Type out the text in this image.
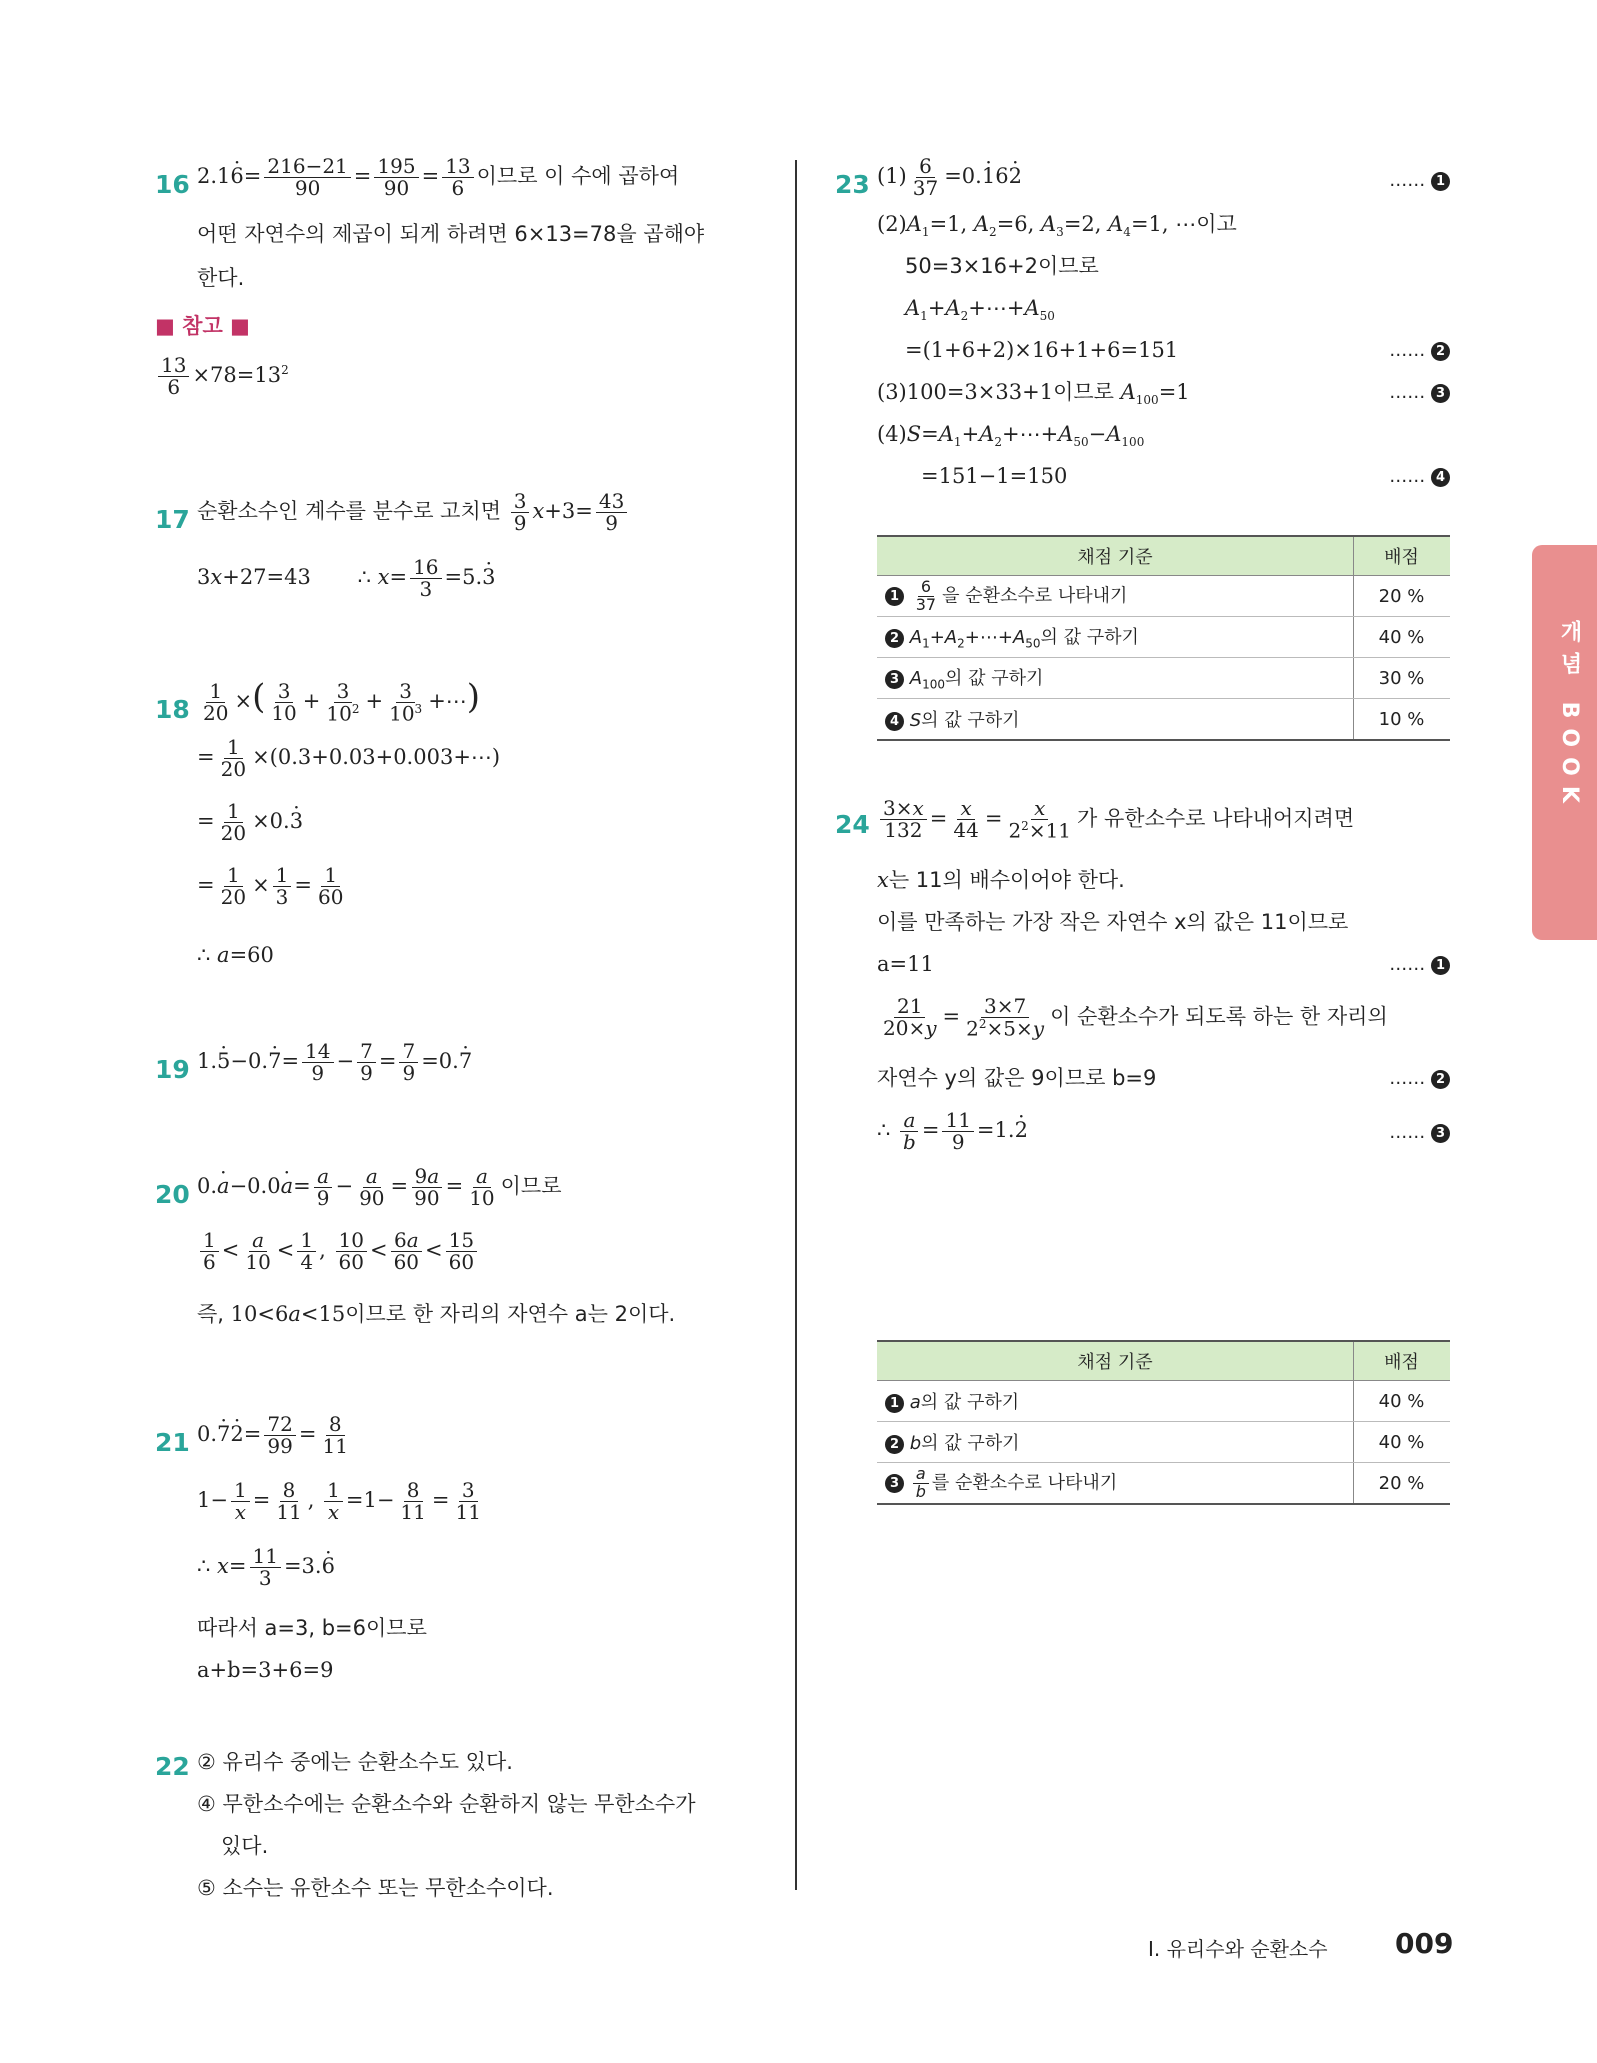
16 $2.16 \cdot= \frac{216-21}{90} = \frac{195}{90} = \frac{13}{6}$ 이므로 이 수에 곱하여
어떤 자연수의 제곱이 되게 하려면 6×13=78을 곱해야
한다.
■ 참고 ■
$\frac{13}{6} \times 78=13^2$
17 순환소수인 계수를 분수로 고치면 $\frac{3}{9} x+3= \frac{43}{9}$
3x+27=43       ∴ $x= \frac{16}{3} =5.3$ ·
$18 \frac{1}{20}$ ×( $\frac{3}{10} + \frac{3}{10^2} + \frac{3}{10^3}$ +⋯)
= $\frac{1}{20}$ ×(0.3+0.03+0.003+⋯)
= $\frac{1}{20} \times 0.3$ ·
= $\frac{1}{20} \times \frac{1}{3} = \frac{1}{60}$
∴ a=60
19 $1.5 \cdot-0.7 \cdot= \frac{14}{9} - \frac{7}{9} = \frac{7}{9} =0.7$ ·
20 $0.a \cdot-0.0a \cdot= \frac{a}{9} - \frac{a}{90} = \frac{9a}{90} = \frac{a}{10}$ 이므로
$\frac{1}{6} < \frac{a}{10} < \frac{1}{4}$ , $\frac{10}{60} < \frac{6a}{60} < \frac{15}{60}$
즉, 10<6a<15이므로 한 자리의 자연수 a는 2이다.
21 $0.7 \cdot 2 \cdot= \frac{72}{99} = \frac{8}{11}$
$1- \frac{1}{x} = \frac{8}{11}$ , $\frac{1}{x} =1- \frac{8}{11} = \frac{3}{11}$
∴ $x= \frac{11}{3} =3.6$ ·
따라서 a=3, b=6이므로
a+b=3+6=9
22 ② 유리수 중에는 순환소수도 있다.
④ 무한소수에는 순환소수와 순환하지 않는 무한소수가
있다.
⑤ 소수는 유한소수 또는 무한소수이다.
23 $(1) \frac{6}{37} =0.1 \cdot 62$ ·	…… 1
$(2)A_1=1$, $A_2=6$, $A_3=2$, $A_4=1$, ⋯이고
50=3×16+2이므로
$A_1+A_2+\cdots+A_{50}$
=(1+6+2)×16+1+6=151	…… 2
(3)100=3×33+1이므로 $A_{100}=1$	…… 3
$(4)S=A_1+A_2+\cdots+A_{50}-A_{100}$
=151−1=150	…… 4
채점 기준	배점
$1 \frac{6}{37}$ 을 순환소수로 나타내기	20 %
2 $A_1+A_2+\cdots+A_{50}$의 값 구하기	40 %
3 $A_{100}$의 값 구하기	30 %
4 S의 값 구하기	10 %
$24 \frac{3\times x}{132} = \frac{x}{44} = \frac{x}{2^2\times 11}$ 가 유한소수로 나타내어지려면
x는 11의 배수이어야 한다.
이를 만족하는 가장 작은 자연수 x의 값은 11이므로
a=11	…… 1
$\frac{21}{20\times y} = \frac{3\times 7}{2^2\times 5\times y}$ 이 순환소수가 되도록 하는 한 자리의
자연수 y의 값은 9이므로 b=9	…… 2
∴ $\frac{a}{b} = \frac{11}{9} =1.2$ ·	…… 3
채점 기준	배점
1 a의 값 구하기	40 %
2 b의 값 구하기	40 %
$3 \frac{a}{b}$ 를 순환소수로 나타내기	20 %
개념 BOOK
Ⅰ. 유리수와 순환소수 009
